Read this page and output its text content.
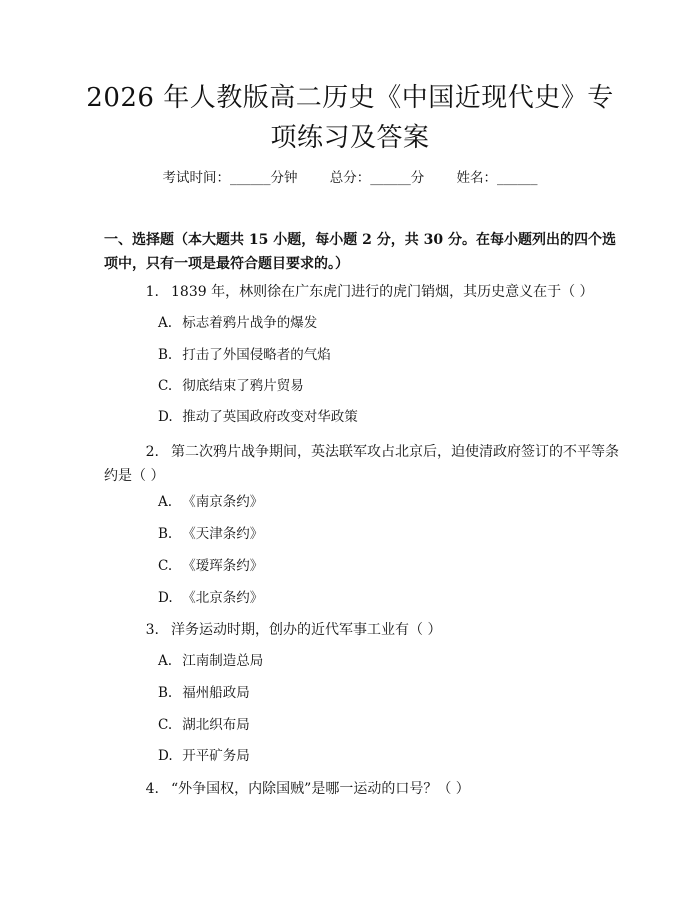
2026 年人教版高二历史《中国近现代史》专
项练习及答案
考试时间：______分钟 总分：______分 姓名：______

一、选择题（本大题共 15 小题，每小题 2 分，共 30 分。在每小题列出的四个选项中，只有一项是最符合题目要求的。）

1. 1839 年，林则徐在广东虎门进行的虎门销烟，其历史意义在于（ ）
A. 标志着鸦片战争的爆发
B. 打击了外国侵略者的气焰
C. 彻底结束了鸦片贸易
D. 推动了英国政府改变对华政策
2. 第二次鸦片战争期间，英法联军攻占北京后，迫使清政府签订的不平等条约是（ ）
A. 《南京条约》
B. 《天津条约》
C. 《瑷珲条约》
D. 《北京条约》
3. 洋务运动时期，创办的近代军事工业有（ ）
A. 江南制造总局
B. 福州船政局
C. 湖北织布局
D. 开平矿务局
4. “外争国权，内除国贼”是哪一运动的口号？（ ）
